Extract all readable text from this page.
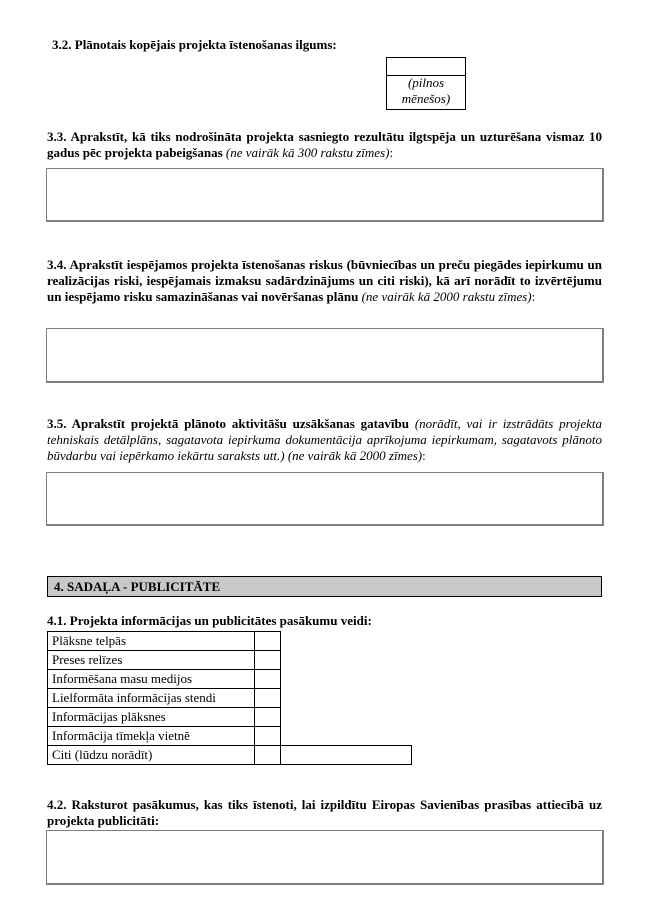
3.2. Plānotais kopējais projekta īstenošanas ilgums:
(pilnos mēnešos)
3.3. Aprakstīt, kā tiks nodrošināta projekta sasniegto rezultātu ilgtspēja un uzturēšana vismaz 10 gadus pēc projekta pabeigšanas (ne vairāk kā 300 rakstu zīmes):
3.4. Aprakstīt iespējamos projekta īstenošanas riskus (būvniecības un preču piegādes iepirkumu un realizācijas riski, iespējamais izmaksu sadārdzinājums un citi riski), kā arī norādīt to izvērtējumu un iespējamo risku samazināšanas vai novēršanas plānu (ne vairāk kā 2000 rakstu zīmes):
3.5. Aprakstīt projektā plānoto aktivitāšu uzsākšanas gatavību (norādīt, vai ir izstrādāts projekta tehniskais detālplāns, sagatavota iepirkuma dokumentācija aprīkojuma iepirkumam, sagatavots plānoto būvdarbu vai iepērkamo iekārtu saraksts utt.) (ne vairāk kā 2000 zīmes):
4. SADAĻA - PUBLICITĀTE
4.1. Projekta informācijas un publicitātes pasākumu veidi:
Plāksne telpās		
Preses relīzes		
Informēšana masu medijos		
Lielformāta informācijas stendi		
Informācijas plāksnes		
Informācija tīmekļa vietnē		
Citi (lūdzu norādīt)		
4.2. Raksturot pasākumus, kas tiks īstenoti, lai izpildītu Eiropas Savienības prasības attiecībā uz projekta publicitāti:
